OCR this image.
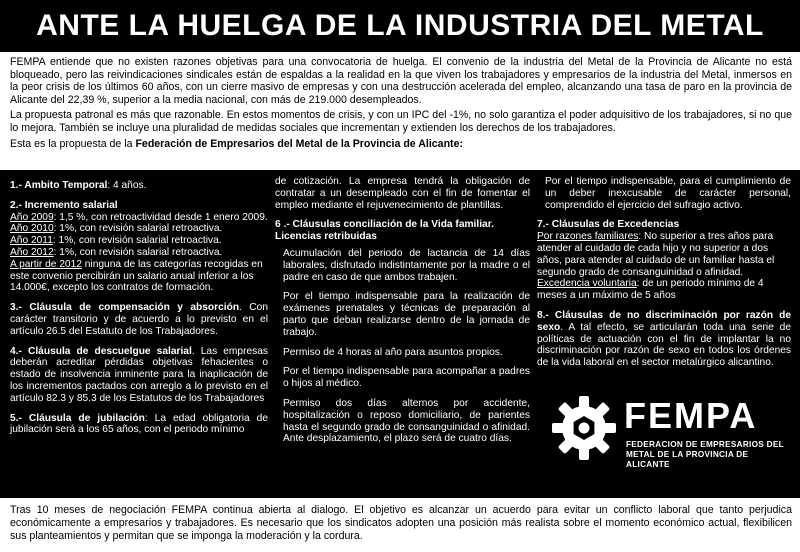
ANTE LA HUELGA DE LA INDUSTRIA DEL METAL

FEMPA entiende que no existen razones objetivas para una convocatoria de huelga. El convenio de la industria del Metal de la Provincia de Alicante no está bloqueado, pero las reivindicaciones sindicales están de espaldas a la realidad en la que viven los trabajadores y empresarios de la industria del Metal, inmersos en la peor crisis de los últimos 60 años, con un cierre masivo de empresas y con una destrucción acelerada del empleo, alcanzando una tasa de paro en la provincia de Alicante del 22,39 %, superior a la media nacional, con más de 219.000 desempleados.

La propuesta patronal es más que razonable. En estos momentos de crisis, y con un IPC del -1%, no solo garantiza el poder adquisitivo de los trabajadores, si no que lo mejora. También se incluye una pluralidad de medidas sociales que incrementan y extienden los derechos de los trabajadores.

Esta es la propuesta de la Federación de Empresarios del Metal de la Provincia de Alicante:

1.- Ambito Temporal: 4 años.

2.- Incremento salarial
Año 2009: 1,5 %, con retroactividad desde 1 enero 2009.
Año 2010: 1%, con revisión salarial retroactiva.
Año 2011: 1%, con revisión salarial retroactiva.
Año 2012: 1%, con revisión salarial retroactiva.
A partir de 2012 ninguna de las categorías recogidas en este convenio percibirán un salario anual inferior a los 14.000€, excepto los contratos de formación.

3.- Cláusula de compensación y absorción. Con carácter transitorio y de acuerdo a lo previsto en el artículo 26.5 del Estatuto de los Trabajadores.

4.- Cláusula de descuelgue salarial. Las empresas deberán acreditar pérdidas objetivas fehacientes o estado de insolvencia inminente para la inaplicación de los incrementos pactados con arreglo a lo previsto en el artículo 82.3 y 85.3 de los Estatutos de los Trabajadores

5.- Cláusula de jubilación: La edad obligatoria de jubilación será a los 65 años, con el periodo mínimo

de cotización. La empresa tendrá la obligación de contratar a un desempleado con el fin de fomentar el empleo mediante el rejuvenecimiento de plantillas.

6 .- Cláusulas conciliación de la Vida familiar. Licencias retribuidas

Acumulación del periodo de lactancia de 14 días laborales, disfrutado indistintamente por la madre o el padre en caso de que ambos trabajen.

Por el tiempo indispensable para la realización de exámenes prenatales y técnicas de preparación al parto que deban realizarse dentro de la jornada de trabajo.

Permiso de 4 horas al año para asuntos propios.

Por el tiempo indispensable para acompañar a padres o hijos al médico.

Permiso dos días alternos por accidente, hospitalización o reposo domiciliario, de parientes hasta el segundo grado de consanguinidad o afinidad. Ante desplazamiento, el plazo será de cuatro días.

Por el tiempo indispensable, para el cumplimiento de un deber inexcusable de carácter personal, comprendido el ejercicio del sufragio activo.

7.- Cláusulas de Excedencias
Por razones familiares: No superior a tres años para atender al cuidado de cada hijo y no superior a dos años, para atender al cuidado de un familiar hasta el segundo grado de consanguinidad o afinidad.
Excedencia voluntaria: de un periodo mínimo de 4 meses a un máximo de 5 años

8.- Cláusulas de no discriminación por razón de sexo. A tal efecto, se articularán toda una serie de políticas de actuación con el fin de implantar la no discriminación por razón de sexo en todos los órdenes de la vida laboral en el sector metalúrgico alicantino.

FEMPA
FEDERACION DE EMPRESARIOS DEL
METAL DE LA PROVINCIA DE ALICANTE
Tras 10 meses de negociación FEMPA continua abierta al dialogo. El objetivo es alcanzar un acuerdo para evitar un conflicto laboral que tanto perjudica económicamente a empresarios y trabajadores. Es necesario que los sindicatos adopten una posición más realista sobre el momento económico actual, flexibilicen sus planteamientos y permitan que se imponga la moderación y la cordura.
